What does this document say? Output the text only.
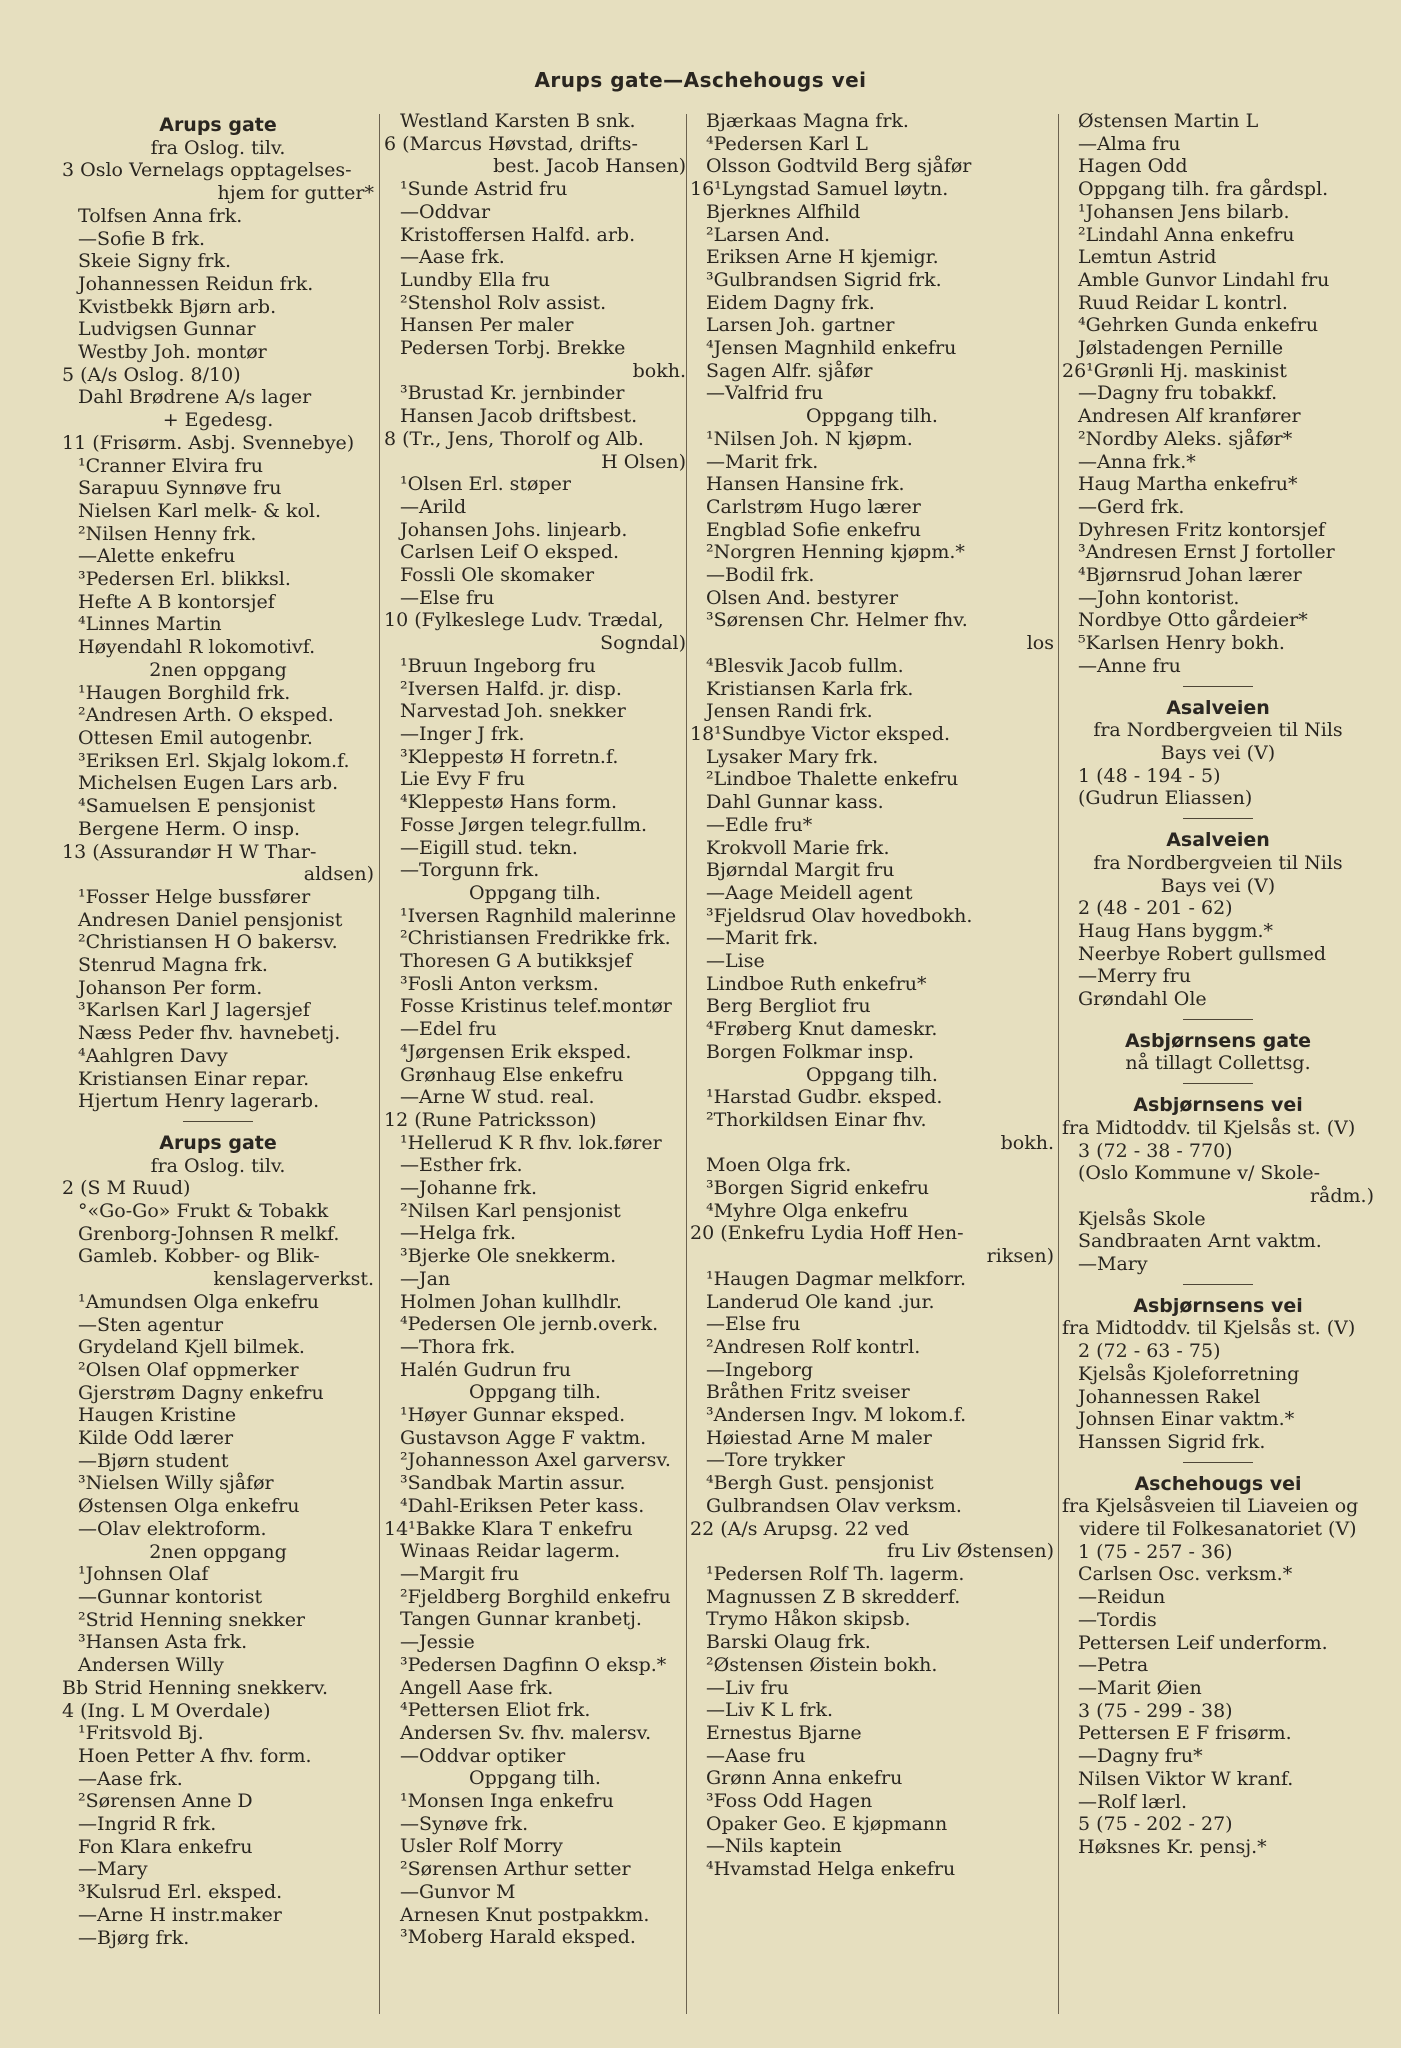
Arups gate—Aschehougs vei
Arups gate
fra Oslog. tilv.
3 Oslo Vernelags opptagelses-
hjem for gutter*
Tolfsen Anna frk.
—Sofie B frk.
Skeie Signy frk.
Johannessen Reidun frk.
Kvistbekk Bjørn arb.
Ludvigsen Gunnar
Westby Joh. montør
5 (A/s Oslog. 8/10)
Dahl Brødrene A/s lager
+ Egedesg.
11 (Frisørm. Asbj. Svennebye)
¹Cranner Elvira fru
Sarapuu Synnøve fru
Nielsen Karl melk- & kol.
²Nilsen Henny frk.
—Alette enkefru
³Pedersen Erl. blikksl.
Hefte A B kontorsjef
⁴Linnes Martin
Høyendahl R lokomotivf.
2nen oppgang
¹Haugen Borghild frk.
²Andresen Arth. O eksped.
Ottesen Emil autogenbr.
³Eriksen Erl. Skjalg lokom.f.
Michelsen Eugen Lars arb.
⁴Samuelsen E pensjonist
Bergene Herm. O insp.
13 (Assurandør H W Thar-
aldsen)
¹Fosser Helge bussfører
Andresen Daniel pensjonist
²Christiansen H O bakersv.
Stenrud Magna frk.
Johanson Per form.
³Karlsen Karl J lagersjef
Næss Peder fhv. havnebetj.
⁴Aahlgren Davy
Kristiansen Einar repar.
Hjertum Henry lagerarb.
Arups gate
fra Oslog. tilv.
2 (S M Ruud)
°«Go-Go» Frukt & Tobakk
Grenborg-Johnsen R melkf.
Gamleb. Kobber- og Blik-
kenslagerverkst.
¹Amundsen Olga enkefru
—Sten agentur
Grydeland Kjell bilmek.
²Olsen Olaf oppmerker
Gjerstrøm Dagny enkefru
Haugen Kristine
Kilde Odd lærer
—Bjørn student
³Nielsen Willy sjåfør
Østensen Olga enkefru
—Olav elektroform.
2nen oppgang
¹Johnsen Olaf
—Gunnar kontorist
²Strid Henning snekker
³Hansen Asta frk.
Andersen Willy
Bb Strid Henning snekkerv.
4 (Ing. L M Overdale)
¹Fritsvold Bj.
Hoen Petter A fhv. form.
—Aase frk.
²Sørensen Anne D
—Ingrid R frk.
Fon Klara enkefru
—Mary
³Kulsrud Erl. eksped.
—Arne H instr.maker
—Bjørg frk.
Westland Karsten B snk.
6 (Marcus Høvstad, drifts-
best. Jacob Hansen)
¹Sunde Astrid fru
—Oddvar
Kristoffersen Halfd. arb.
—Aase frk.
Lundby Ella fru
²Stenshol Rolv assist.
Hansen Per maler
Pedersen Torbj. Brekke
bokh.
³Brustad Kr. jernbinder
Hansen Jacob driftsbest.
8 (Tr., Jens, Thorolf og Alb.
H Olsen)
¹Olsen Erl. støper
—Arild
Johansen Johs. linjearb.
Carlsen Leif O eksped.
Fossli Ole skomaker
—Else fru
10 (Fylkeslege Ludv. Trædal,
Sogndal)
¹Bruun Ingeborg fru
²Iversen Halfd. jr. disp.
Narvestad Joh. snekker
—Inger J frk.
³Kleppestø H forretn.f.
Lie Evy F fru
⁴Kleppestø Hans form.
Fosse Jørgen telegr.fullm.
—Eigill stud. tekn.
—Torgunn frk.
Oppgang tilh.
¹Iversen Ragnhild malerinne
²Christiansen Fredrikke frk.
Thoresen G A butikksjef
³Fosli Anton verksm.
Fosse Kristinus telef.montør
—Edel fru
⁴Jørgensen Erik eksped.
Grønhaug Else enkefru
—Arne W stud. real.
12 (Rune Patricksson)
¹Hellerud K R fhv. lok.fører
—Esther frk.
—Johanne frk.
²Nilsen Karl pensjonist
—Helga frk.
³Bjerke Ole snekkerm.
—Jan
Holmen Johan kullhdlr.
⁴Pedersen Ole jernb.overk.
—Thora frk.
Halén Gudrun fru
Oppgang tilh.
¹Høyer Gunnar eksped.
Gustavson Agge F vaktm.
²Johannesson Axel garversv.
³Sandbak Martin assur.
⁴Dahl-Eriksen Peter kass.
14¹Bakke Klara T enkefru
Winaas Reidar lagerm.
—Margit fru
²Fjeldberg Borghild enkefru
Tangen Gunnar kranbetj.
—Jessie
³Pedersen Dagfinn O eksp.*
Angell Aase frk.
⁴Pettersen Eliot frk.
Andersen Sv. fhv. malersv.
—Oddvar optiker
Oppgang tilh.
¹Monsen Inga enkefru
—Synøve frk.
Usler Rolf Morry
²Sørensen Arthur setter
—Gunvor M
Arnesen Knut postpakkm.
³Moberg Harald eksped.
Bjærkaas Magna frk.
⁴Pedersen Karl L
Olsson Godtvild Berg sjåfør
16¹Lyngstad Samuel løytn.
Bjerknes Alfhild
²Larsen And.
Eriksen Arne H kjemigr.
³Gulbrandsen Sigrid frk.
Eidem Dagny frk.
Larsen Joh. gartner
⁴Jensen Magnhild enkefru
Sagen Alfr. sjåfør
—Valfrid fru
Oppgang tilh.
¹Nilsen Joh. N kjøpm.
—Marit frk.
Hansen Hansine frk.
Carlstrøm Hugo lærer
Engblad Sofie enkefru
²Norgren Henning kjøpm.*
—Bodil frk.
Olsen And. bestyrer
³Sørensen Chr. Helmer fhv.
los
⁴Blesvik Jacob fullm.
Kristiansen Karla frk.
Jensen Randi frk.
18¹Sundbye Victor eksped.
Lysaker Mary frk.
²Lindboe Thalette enkefru
Dahl Gunnar kass.
—Edle fru*
Krokvoll Marie frk.
Bjørndal Margit fru
—Aage Meidell agent
³Fjeldsrud Olav hovedbokh.
—Marit frk.
—Lise
Lindboe Ruth enkefru*
Berg Bergliot fru
⁴Frøberg Knut dameskr.
Borgen Folkmar insp.
Oppgang tilh.
¹Harstad Gudbr. eksped.
²Thorkildsen Einar fhv.
bokh.
Moen Olga frk.
³Borgen Sigrid enkefru
⁴Myhre Olga enkefru
20 (Enkefru Lydia Hoff Hen-
riksen)
¹Haugen Dagmar melkforr.
Landerud Ole kand .jur.
—Else fru
²Andresen Rolf kontrl.
—Ingeborg
Bråthen Fritz sveiser
³Andersen Ingv. M lokom.f.
Høiestad Arne M maler
—Tore trykker
⁴Bergh Gust. pensjonist
Gulbrandsen Olav verksm.
22 (A/s Arupsg. 22 ved
fru Liv Østensen)
¹Pedersen Rolf Th. lagerm.
Magnussen Z B skredderf.
Trymo Håkon skipsb.
Barski Olaug frk.
²Østensen Øistein bokh.
—Liv fru
—Liv K L frk.
Ernestus Bjarne
—Aase fru
Grønn Anna enkefru
³Foss Odd Hagen
Opaker Geo. E kjøpmann
—Nils kaptein
⁴Hvamstad Helga enkefru
Østensen Martin L
—Alma fru
Hagen Odd
Oppgang tilh. fra gårdspl.
¹Johansen Jens bilarb.
²Lindahl Anna enkefru
Lemtun Astrid
Amble Gunvor Lindahl fru
Ruud Reidar L kontrl.
⁴Gehrken Gunda enkefru
Jølstadengen Pernille
26¹Grønli Hj. maskinist
—Dagny fru tobakkf.
Andresen Alf kranfører
²Nordby Aleks. sjåfør*
—Anna frk.*
Haug Martha enkefru*
—Gerd frk.
Dyhresen Fritz kontorsjef
³Andresen Ernst J fortoller
⁴Bjørnsrud Johan lærer
—John kontorist.
Nordbye Otto gårdeier*
⁵Karlsen Henry bokh.
—Anne fru
Asalveien
fra Nordbergveien til Nils
Bays vei (V)
1 (48 - 194 - 5)
(Gudrun Eliassen)
Asalveien
fra Nordbergveien til Nils
Bays vei (V)
2 (48 - 201 - 62)
Haug Hans byggm.*
Neerbye Robert gullsmed
—Merry fru
Grøndahl Ole
Asbjørnsens gate
nå tillagt Collettsg.
Asbjørnsens vei
fra Midtoddv. til Kjelsås st. (V)
3 (72 - 38 - 770)
(Oslo Kommune v/ Skole-
rådm.)
Kjelsås Skole
Sandbraaten Arnt vaktm.
—Mary
Asbjørnsens vei
fra Midtoddv. til Kjelsås st. (V)
2 (72 - 63 - 75)
Kjelsås Kjoleforretning
Johannessen Rakel
Johnsen Einar vaktm.*
Hanssen Sigrid frk.
Aschehougs vei
fra Kjelsåsveien til Liaveien og
videre til Folkesanatoriet (V)
1 (75 - 257 - 36)
Carlsen Osc. verksm.*
—Reidun
—Tordis
Pettersen Leif underform.
—Petra
—Marit Øien
3 (75 - 299 - 38)
Pettersen E F frisørm.
—Dagny fru*
Nilsen Viktor W kranf.
—Rolf lærl.
5 (75 - 202 - 27)
Høksnes Kr. pensj.*
